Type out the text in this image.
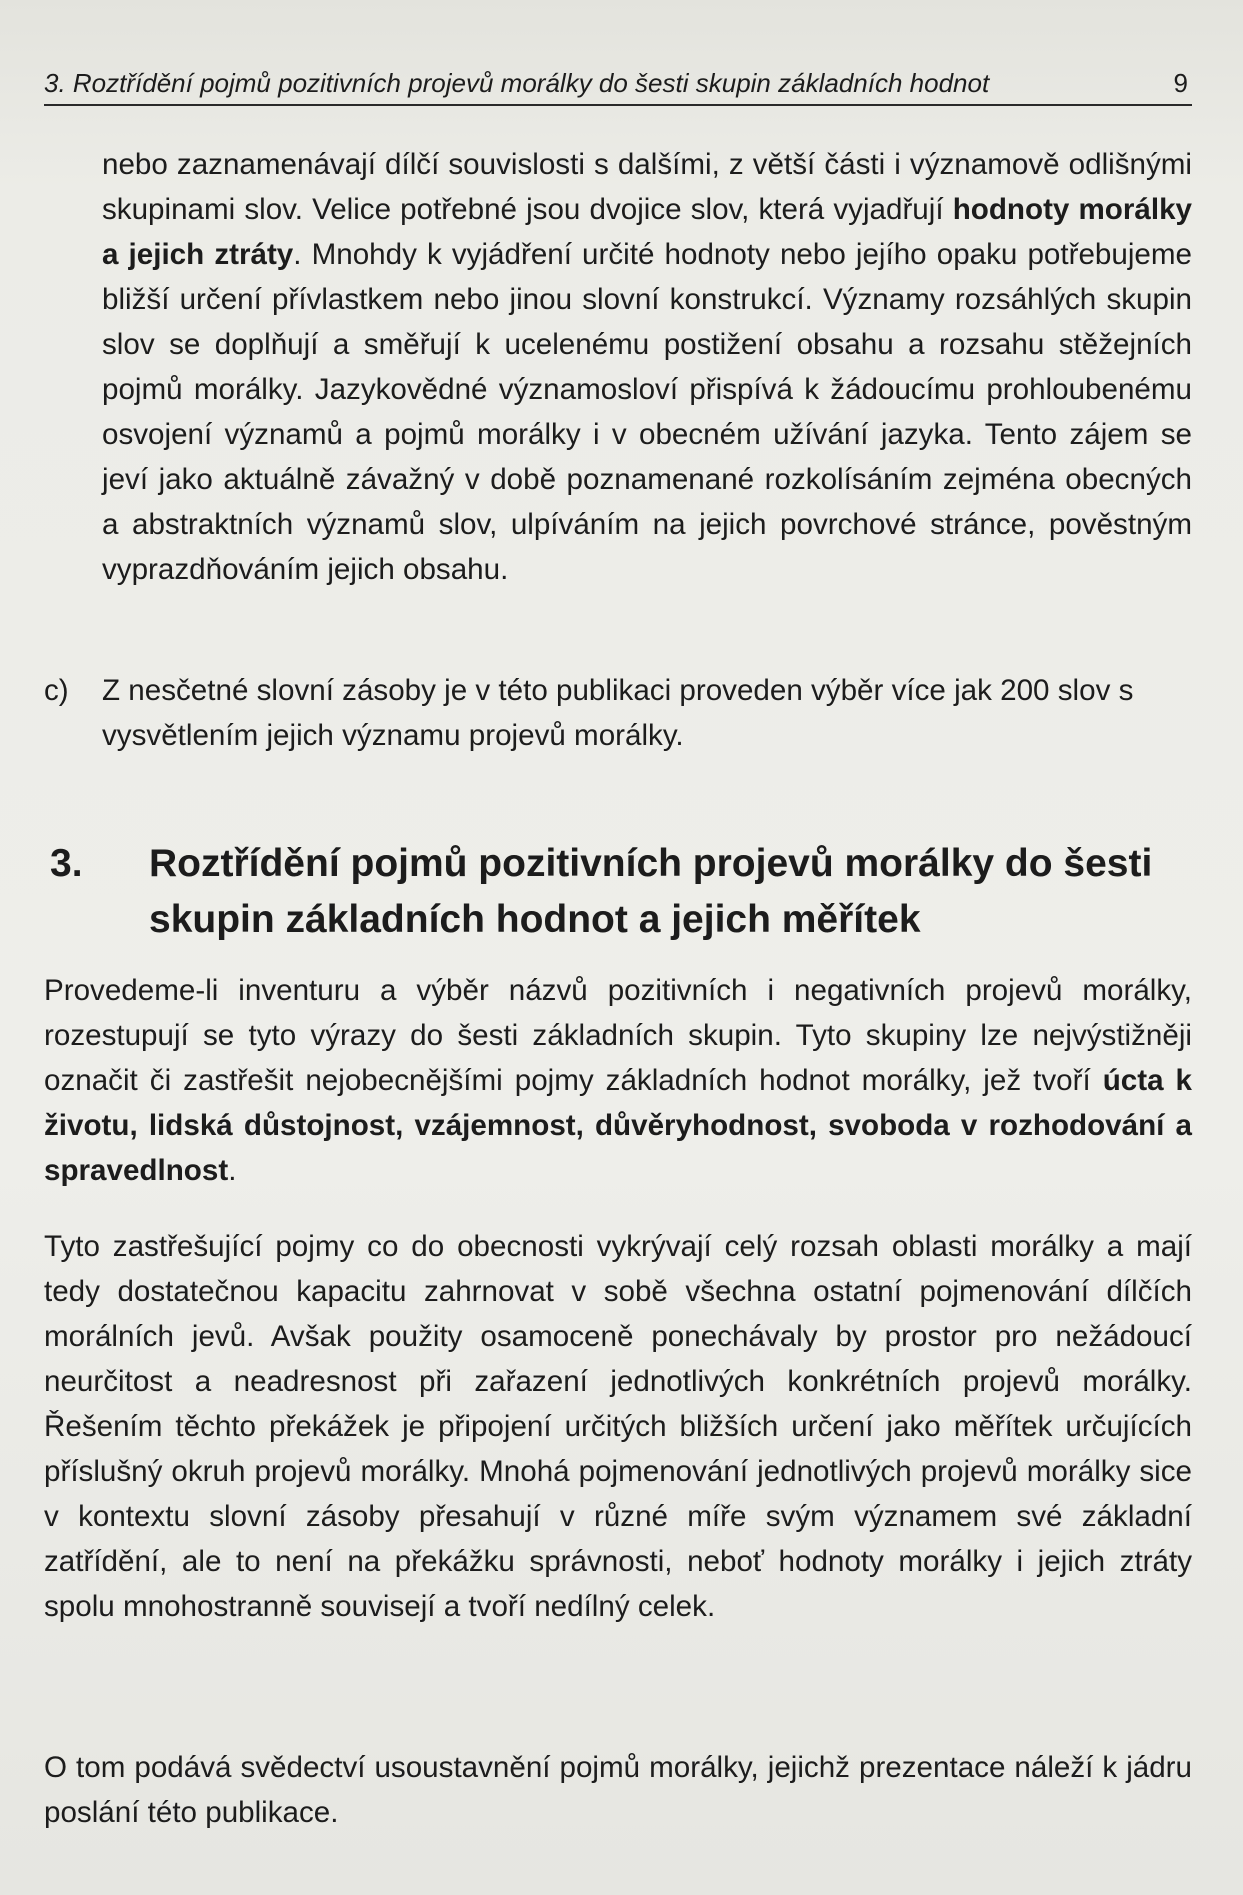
3. Roztřídění pojmů pozitivních projevů morálky do šesti skupin základních hodnot	9

nebo zaznamenávají dílčí souvislosti s dalšími, z větší části i významově odlišnými skupinami slov. Velice potřebné jsou dvojice slov, která vyjadřují hodnoty morálky a jejich ztráty. Mnohdy k vyjádření určité hodnoty nebo jejího opaku potřebujeme bližší určení přívlastkem nebo jinou slovní konstrukcí. Významy rozsáhlých skupin slov se doplňují a směřují k ucelenému postižení obsahu a rozsahu stěžejních pojmů morálky. Jazykovědné významosloví přispívá k žádoucímu prohloubenému osvojení významů a pojmů morálky i v obecném užívání jazyka. Tento zájem se jeví jako aktuálně závažný v době poznamenané rozkolísáním zejména obecných a abstraktních významů slov, ulpíváním na jejich povrchové stránce, pověstným vyprazdňováním jejich obsahu.

c) Z nesčetné slovní zásoby je v této publikaci proveden výběr více jak 200 slov s vysvětlením jejich významu projevů morálky.

3. Roztřídění pojmů pozitivních projevů morálky do šesti skupin základních hodnot a jejich měřítek

Provedeme-li inventuru a výběr názvů pozitivních i negativních projevů morálky, rozestupují se tyto výrazy do šesti základních skupin. Tyto skupiny lze nejvýstižněji označit či zastřešit nejobecnějšími pojmy základních hodnot morálky, jež tvoří úcta k životu, lidská důstojnost, vzájemnost, důvěryhodnost, svoboda v rozhodování a spravedlnost.

Tyto zastřešující pojmy co do obecnosti vykrývají celý rozsah oblasti morálky a mají tedy dostatečnou kapacitu zahrnovat v sobě všechna ostatní pojmenování dílčích morálních jevů. Avšak použity osamoceně ponechávaly by prostor pro nežádoucí neurčitost a neadresnost při zařazení jednotlivých konkrétních projevů morálky. Řešením těchto překážek je připojení určitých bližších určení jako měřítek určujících příslušný okruh projevů morálky. Mnohá pojmenování jednotlivých projevů morálky sice v kontextu slovní zásoby přesahují v různé míře svým významem své základní zatřídění, ale to není na překážku správnosti, neboť hodnoty morálky i jejich ztráty spolu mnohostranně souvisejí a tvoří nedílný celek.

O tom podává svědectví usoustavnění pojmů morálky, jejichž prezentace náleží k jádru poslání této publikace.
